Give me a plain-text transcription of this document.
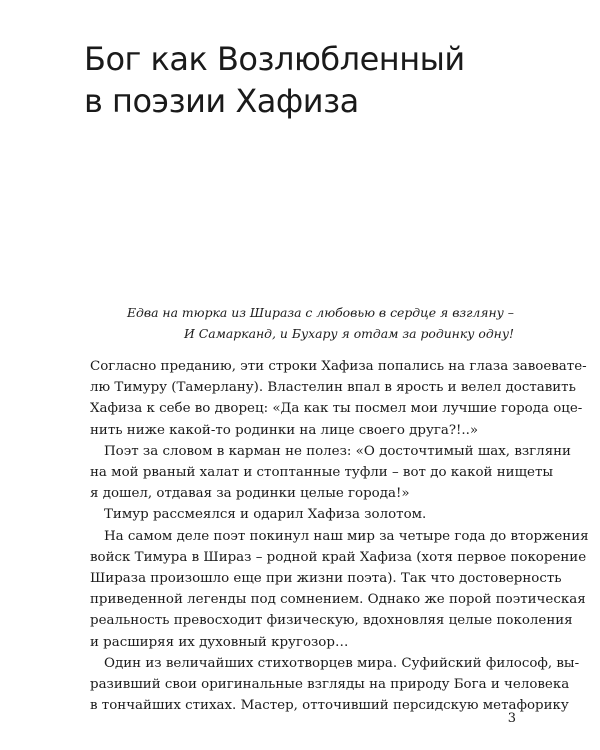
Бог как Возлюбленный
в поэзии Хафиза
Едва на тюрка из Шираза с любовью в сердце я взгляну –
И Самарканд, и Бухару я отдам за родинку одну!
Согласно преданию, эти строки Хафиза попались на глаза завоевате-
лю Тимуру (Тамерлану). Властелин впал в ярость и велел доставить
Хафиза к себе во дворец: «Да как ты посмел мои лучшие города оце-
нить ниже какой-то родинки на лице своего друга?!..»
Поэт за словом в карман не полез: «О досточтимый шах, взгляни
на мой рваный халат и стоптанные туфли – вот до какой нищеты
я дошел, отдавая за родинки целые города!»
Тимур рассмеялся и одарил Хафиза золотом.
На самом деле поэт покинул наш мир за четыре года до вторжения
войск Тимура в Шираз – родной край Хафиза (хотя первое покорение
Шираза произошло еще при жизни поэта). Так что достоверность
приведенной легенды под сомнением. Однако же порой поэтическая
реальность превосходит физическую, вдохновляя целые поколения
и расширяя их духовный кругозор…
Один из величайших стихотворцев мира. Суфийский философ, вы-
разивший свои оригинальные взгляды на природу Бога и человека
в тончайших стихах. Мастер, отточивший персидскую метафорику
3
